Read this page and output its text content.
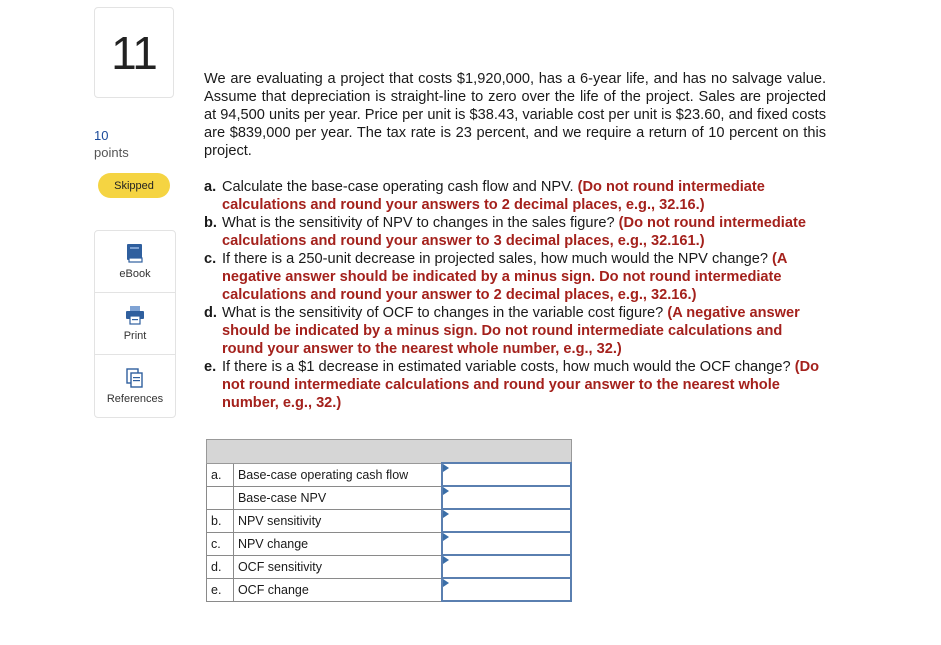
11
10
points
Skipped
eBook
Print
References

We are evaluating a project that costs $1,920,000, has a 6-year life, and has no salvage value. Assume that depreciation is straight-line to zero over the life of the project. Sales are projected at 94,500 units per year. Price per unit is $38.43, variable cost per unit is $23.60, and fixed costs are $839,000 per year. The tax rate is 23 percent, and we require a return of 10 percent on this project.

a. Calculate the base-case operating cash flow and NPV. (Do not round intermediate calculations and round your answers to 2 decimal places, e.g., 32.16.)
b. What is the sensitivity of NPV to changes in the sales figure? (Do not round intermediate calculations and round your answer to 3 decimal places, e.g., 32.161.)
c. If there is a 250-unit decrease in projected sales, how much would the NPV change? (A negative answer should be indicated by a minus sign. Do not round intermediate calculations and round your answer to 2 decimal places, e.g., 32.16.)
d. What is the sensitivity of OCF to changes in the variable cost figure? (A negative answer should be indicated by a minus sign. Do not round intermediate calculations and round your answer to the nearest whole number, e.g., 32.)
e. If there is a $1 decrease in estimated variable costs, how much would the OCF change? (Do not round intermediate calculations and round your answer to the nearest whole number, e.g., 32.)

a.	Base-case operating cash flow	

	Base-case NPV	

b.	NPV sensitivity	

c.	NPV change	

d.	OCF sensitivity	

e.	OCF change	
